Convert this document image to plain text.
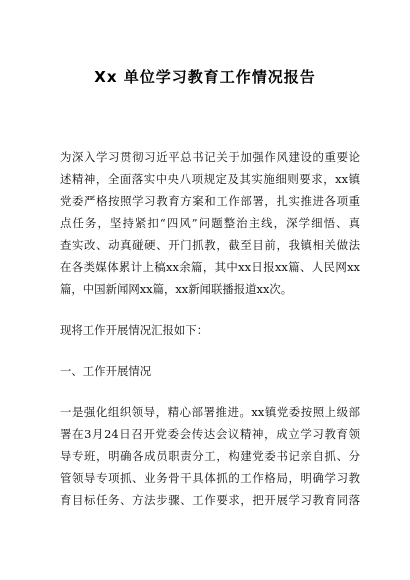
Xx 单位学习教育工作情况报告
为深入学习贯彻习近平总书记关于加强作风建设的重要论
述精神，全面落实中央八项规定及其实施细则要求，xx镇
党委严格按照学习教育方案和工作部署，扎实推进各项重
点任务，坚持紧扣“四风”问题整治主线，深学细悟、真
查实改、动真碰硬、开门抓教，截至目前，我镇相关做法
在各类媒体累计上稿xx余篇，其中xx日报xx篇、人民网xx
篇，中国新闻网xx篇，xx新闻联播报道xx次。
现将工作开展情况汇报如下：
一、工作开展情况
一是强化组织领导，精心部署推进。xx镇党委按照上级部
署在3月24日召开党委会传达会议精神，成立学习教育领
导专班，明确各成员职责分工，构建党委书记亲自抓、分
管领导专项抓、业务骨干具体抓的工作格局，明确学习教
育目标任务、方法步骤、工作要求，把开展学习教育同落
